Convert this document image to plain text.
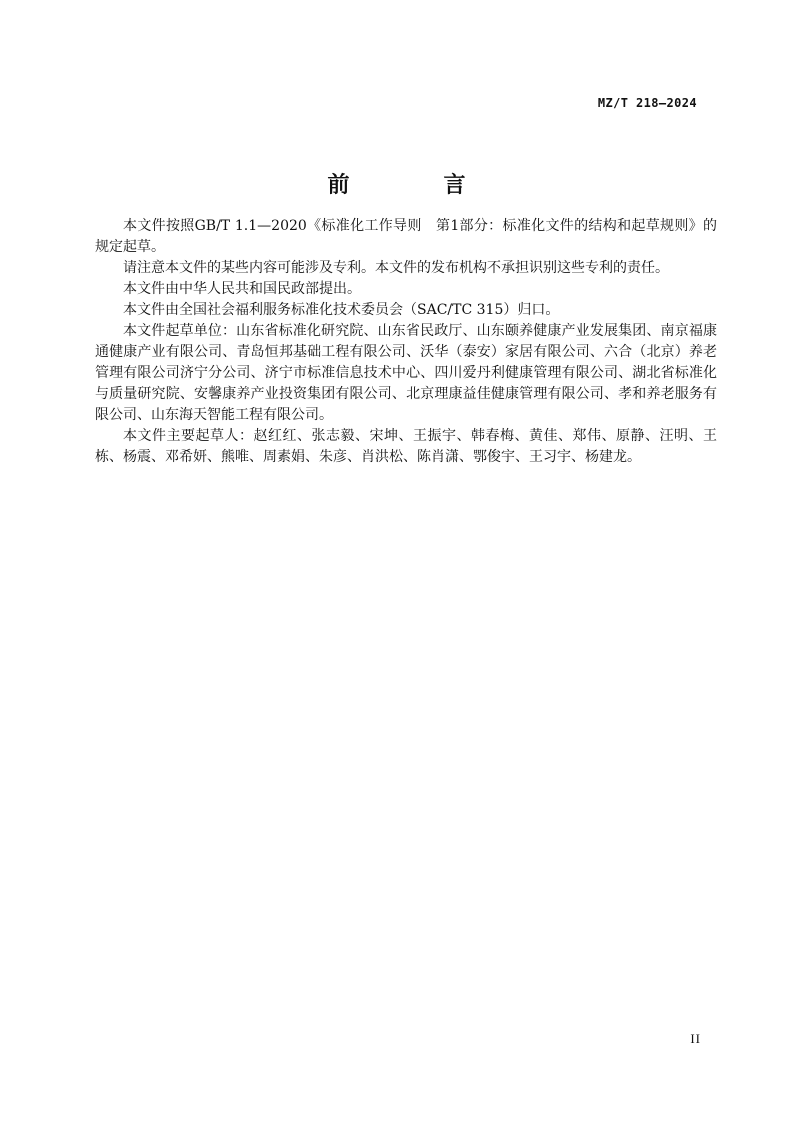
MZ/T 218—2024
前　言

本文件按照GB/T 1.1—2020《标准化工作导则　第1部分：标准化文件的结构和起草规则》的规定起草。

请注意本文件的某些内容可能涉及专利。本文件的发布机构不承担识别这些专利的责任。

本文件由中华人民共和国民政部提出。

本文件由全国社会福利服务标准化技术委员会（SAC/TC 315）归口。

本文件起草单位：山东省标准化研究院、山东省民政厅、山东颐养健康产业发展集团、南京福康通健康产业有限公司、青岛恒邦基础工程有限公司、沃华（泰安）家居有限公司、六合（北京）养老管理有限公司济宁分公司、济宁市标准信息技术中心、四川爱丹利健康管理有限公司、湖北省标准化与质量研究院、安馨康养产业投资集团有限公司、北京理康益佳健康管理有限公司、孝和养老服务有限公司、山东海天智能工程有限公司。

本文件主要起草人：赵红红、张志毅、宋坤、王振宇、韩春梅、黄佳、郑伟、原静、汪明、王栋、杨震、邓希妍、熊唯、周素娟、朱彦、肖洪松、陈肖潇、鄂俊宇、王习宇、杨建龙。

II
